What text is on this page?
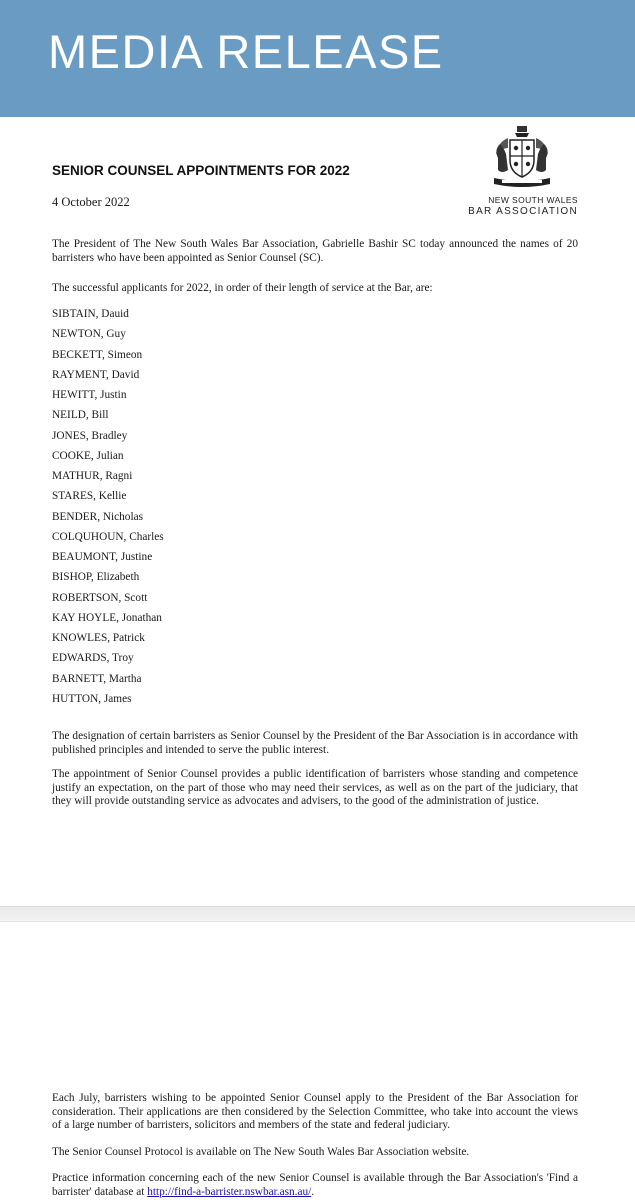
MEDIA RELEASE
SENIOR COUNSEL APPOINTMENTS FOR 2022
4 October 2022	NEW SOUTH WALES
BAR ASSOCIATION

The President of The New South Wales Bar Association, Gabrielle Bashir SC today announced the names of 20 barristers who have been appointed as Senior Counsel (SC).

The successful applicants for 2022, in order of their length of service at the Bar, are:

SIBTAIN, Dauid
NEWTON, Guy
BECKETT, Simeon
RAYMENT, David
HEWITT, Justin
NEILD, Bill
JONES, Bradley
COOKE, Julian
MATHUR, Ragni
STARES, Kellie
BENDER, Nicholas
COLQUHOUN, Charles
BEAUMONT, Justine
BISHOP, Elizabeth
ROBERTSON, Scott
KAY HOYLE, Jonathan
KNOWLES, Patrick
EDWARDS, Troy
BARNETT, Martha
HUTTON, James

The designation of certain barristers as Senior Counsel by the President of the Bar Association is in accordance with published principles and intended to serve the public interest.

The appointment of Senior Counsel provides a public identification of barristers whose standing and competence justify an expectation, on the part of those who may need their services, as well as on the part of the judiciary, that they will provide outstanding service as advocates and advisers, to the good of the administration of justice.

Each July, barristers wishing to be appointed Senior Counsel apply to the President of the Bar Association for consideration. Their applications are then considered by the Selection Committee, who take into account the views of a large number of barristers, solicitors and members of the state and federal judiciary.

The Senior Counsel Protocol is available on The New South Wales Bar Association website.

Practice information concerning each of the new Senior Counsel is available through the Bar Association's 'Find a barrister' database at http://find-a-barrister.nswbar.asn.au/.
